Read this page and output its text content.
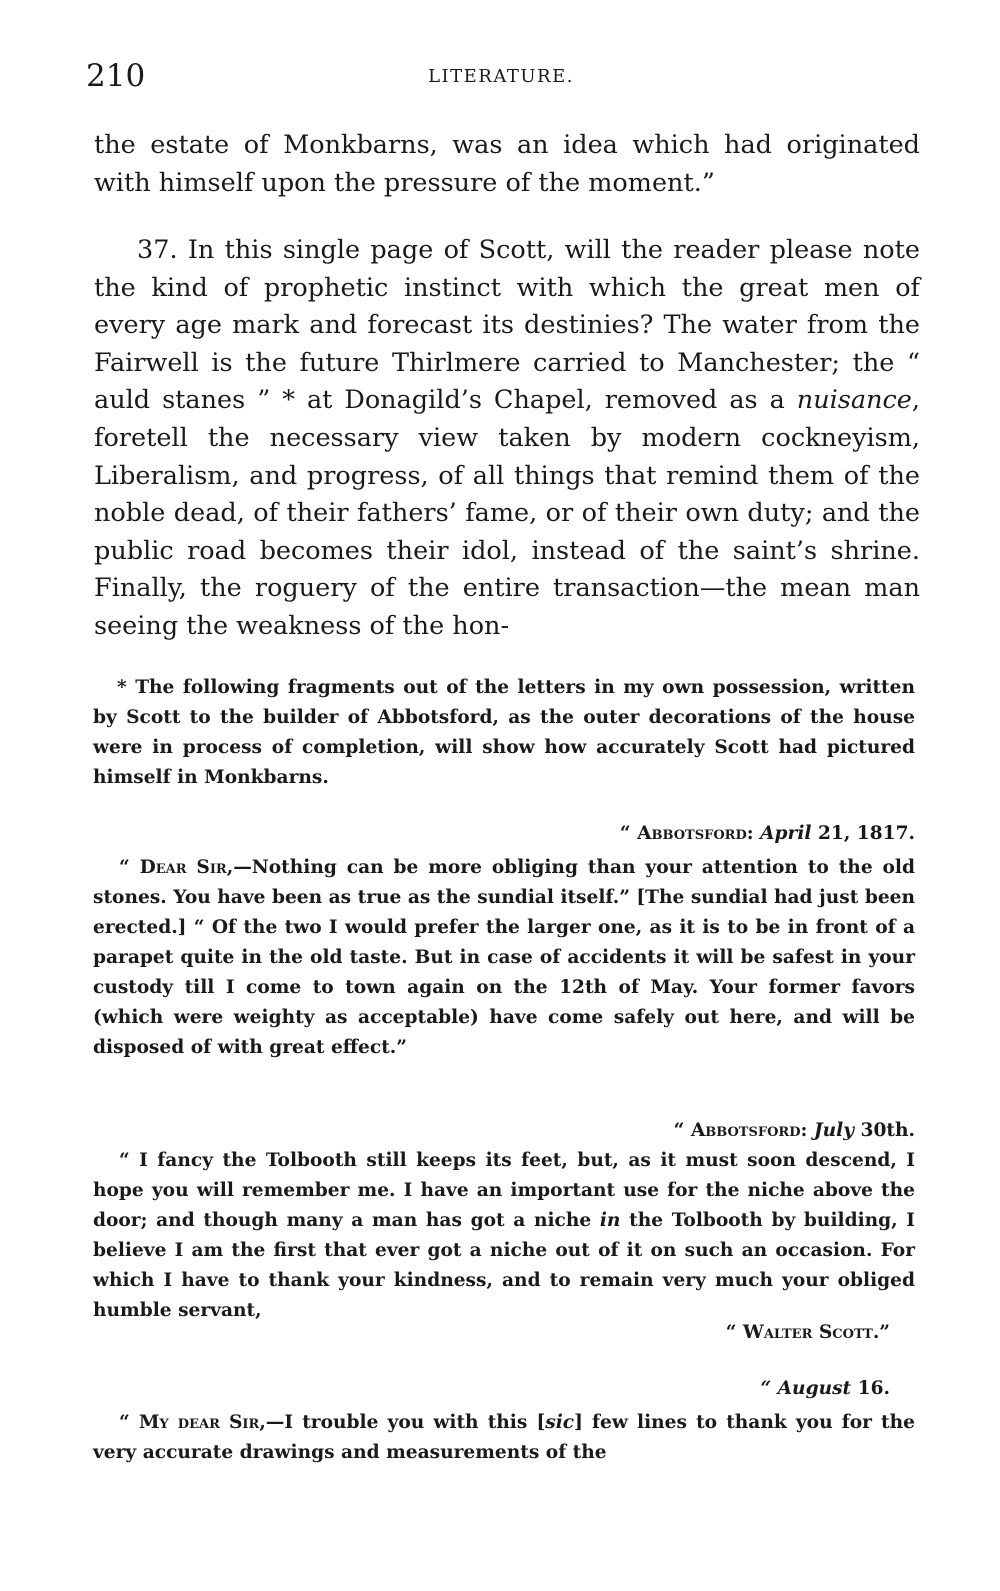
210	LITERATURE.
the estate of Monkbarns, was an idea which had originated with himself upon the pressure of the moment.”
37. In this single page of Scott, will the reader please note the kind of prophetic instinct with which the great men of every age mark and forecast its destinies? The water from the Fairwell is the future Thirlmere carried to Manchester; the “ auld stanes ” * at Donagild’s Chapel, removed as a nuisance, foretell the necessary view taken by modern cockneyism, Liberalism, and progress, of all things that remind them of the noble dead, of their fathers’ fame, or of their own duty; and the public road becomes their idol, instead of the saint’s shrine. Finally, the roguery of the entire transaction—the mean man seeing the weakness of the hon-
* The following fragments out of the letters in my own possession, written by Scott to the builder of Abbotsford, as the outer decorations of the house were in process of completion, will show how accurately Scott had pictured himself in Monkbarns.
“ Abbotsford: April 21, 1817.
“ Dear Sir,—Nothing can be more obliging than your attention to the old stones. You have been as true as the sundial itself.” [The sundial had just been erected.] “ Of the two I would prefer the larger one, as it is to be in front of a parapet quite in the old taste. But in case of accidents it will be safest in your custody till I come to town again on the 12th of May. Your former favors (which were weighty as acceptable) have come safely out here, and will be disposed of with great effect.”
“ Abbotsford: July 30th.
“ I fancy the Tolbooth still keeps its feet, but, as it must soon descend, I hope you will remember me. I have an important use for the niche above the door; and though many a man has got a niche in the Tolbooth by building, I believe I am the first that ever got a niche out of it on such an occasion. For which I have to thank your kindness, and to remain very much your obliged humble servant,
“ Walter Scott.”
“ August 16.
“ My dear Sir,—I trouble you with this [sic] few lines to thank you for the very accurate drawings and measurements of the
